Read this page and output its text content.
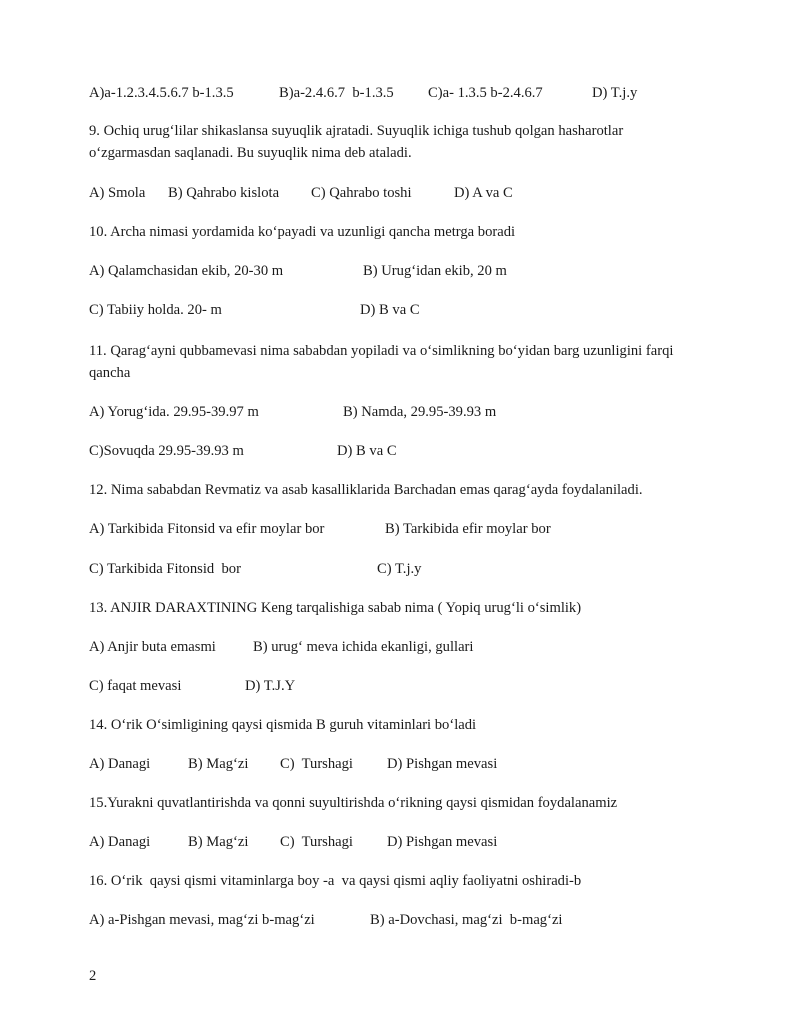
A)a-1.2.3.4.5.6.7 b-1.3.5

	B)a-2.4.6.7  b-1.3.5

C)a- 1.3.5 b-2.4.6.7

	D) T.j.y

9. Ochiq urug‘lilar shikaslansa suyuqlik ajratadi. Suyuqlik ichiga tushub qolgan hasharotlar o‘zgarmasdan saqlanadi. Bu suyuqlik nima deb ataladi.

A) Smola

B) Qahrabo kislota

C) Qahrabo toshi

	D) A va C

10. Archa nimasi yordamida ko‘payadi va uzunligi qancha metrga boradi

A) Qalamchasidan ekib, 20-30 m

	B) Urug‘idan ekib, 20 m

C) Tabiiy holda. 20- m

	D) B va C

11. Qarag‘ayni qubbamevasi nima sababdan yopiladi va o‘simlikning bo‘yidan barg uzunligini farqi qancha

A) Yorug‘ida. 29.95-39.97 m

	B) Namda, 29.95-39.93 m

C)Sovuqda 29.95-39.93 m

	D) B va C

12. Nima sababdan Revmatiz va asab kasalliklarida Barchadan emas qarag‘ayda foydalaniladi.

A) Tarkibida Fitonsid va efir moylar bor

	B) Tarkibida efir moylar bor

C) Tarkibida Fitonsid  bor

	C) T.j.y

13. ANJIR DARAXTINING Keng tarqalishiga sabab nima ( Yopiq urug‘li o‘simlik)

A) Anjir buta emasmi

	B) urug‘ meva ichida ekanligi, gullari

C) faqat mevasi

	D) T.J.Y

14. O‘rik O‘simligining qaysi qismida B guruh vitaminlari bo‘ladi

A) Danagi

	B) Mag‘zi

C)  Turshagi

D) Pishgan mevasi

15.Yurakni quvatlantirishda va qonni suyultirishda o‘rikning qaysi qismidan foydalanamiz

A) Danagi

	B) Mag‘zi

C)  Turshagi

D) Pishgan mevasi

16. O‘rik  qaysi qismi vitaminlarga boy -a  va qaysi qismi aqliy faoliyatni oshiradi-b

A) a-Pishgan mevasi, mag‘zi b-mag‘zi

	B) a-Dovchasi, mag‘zi  b-mag‘zi

2
